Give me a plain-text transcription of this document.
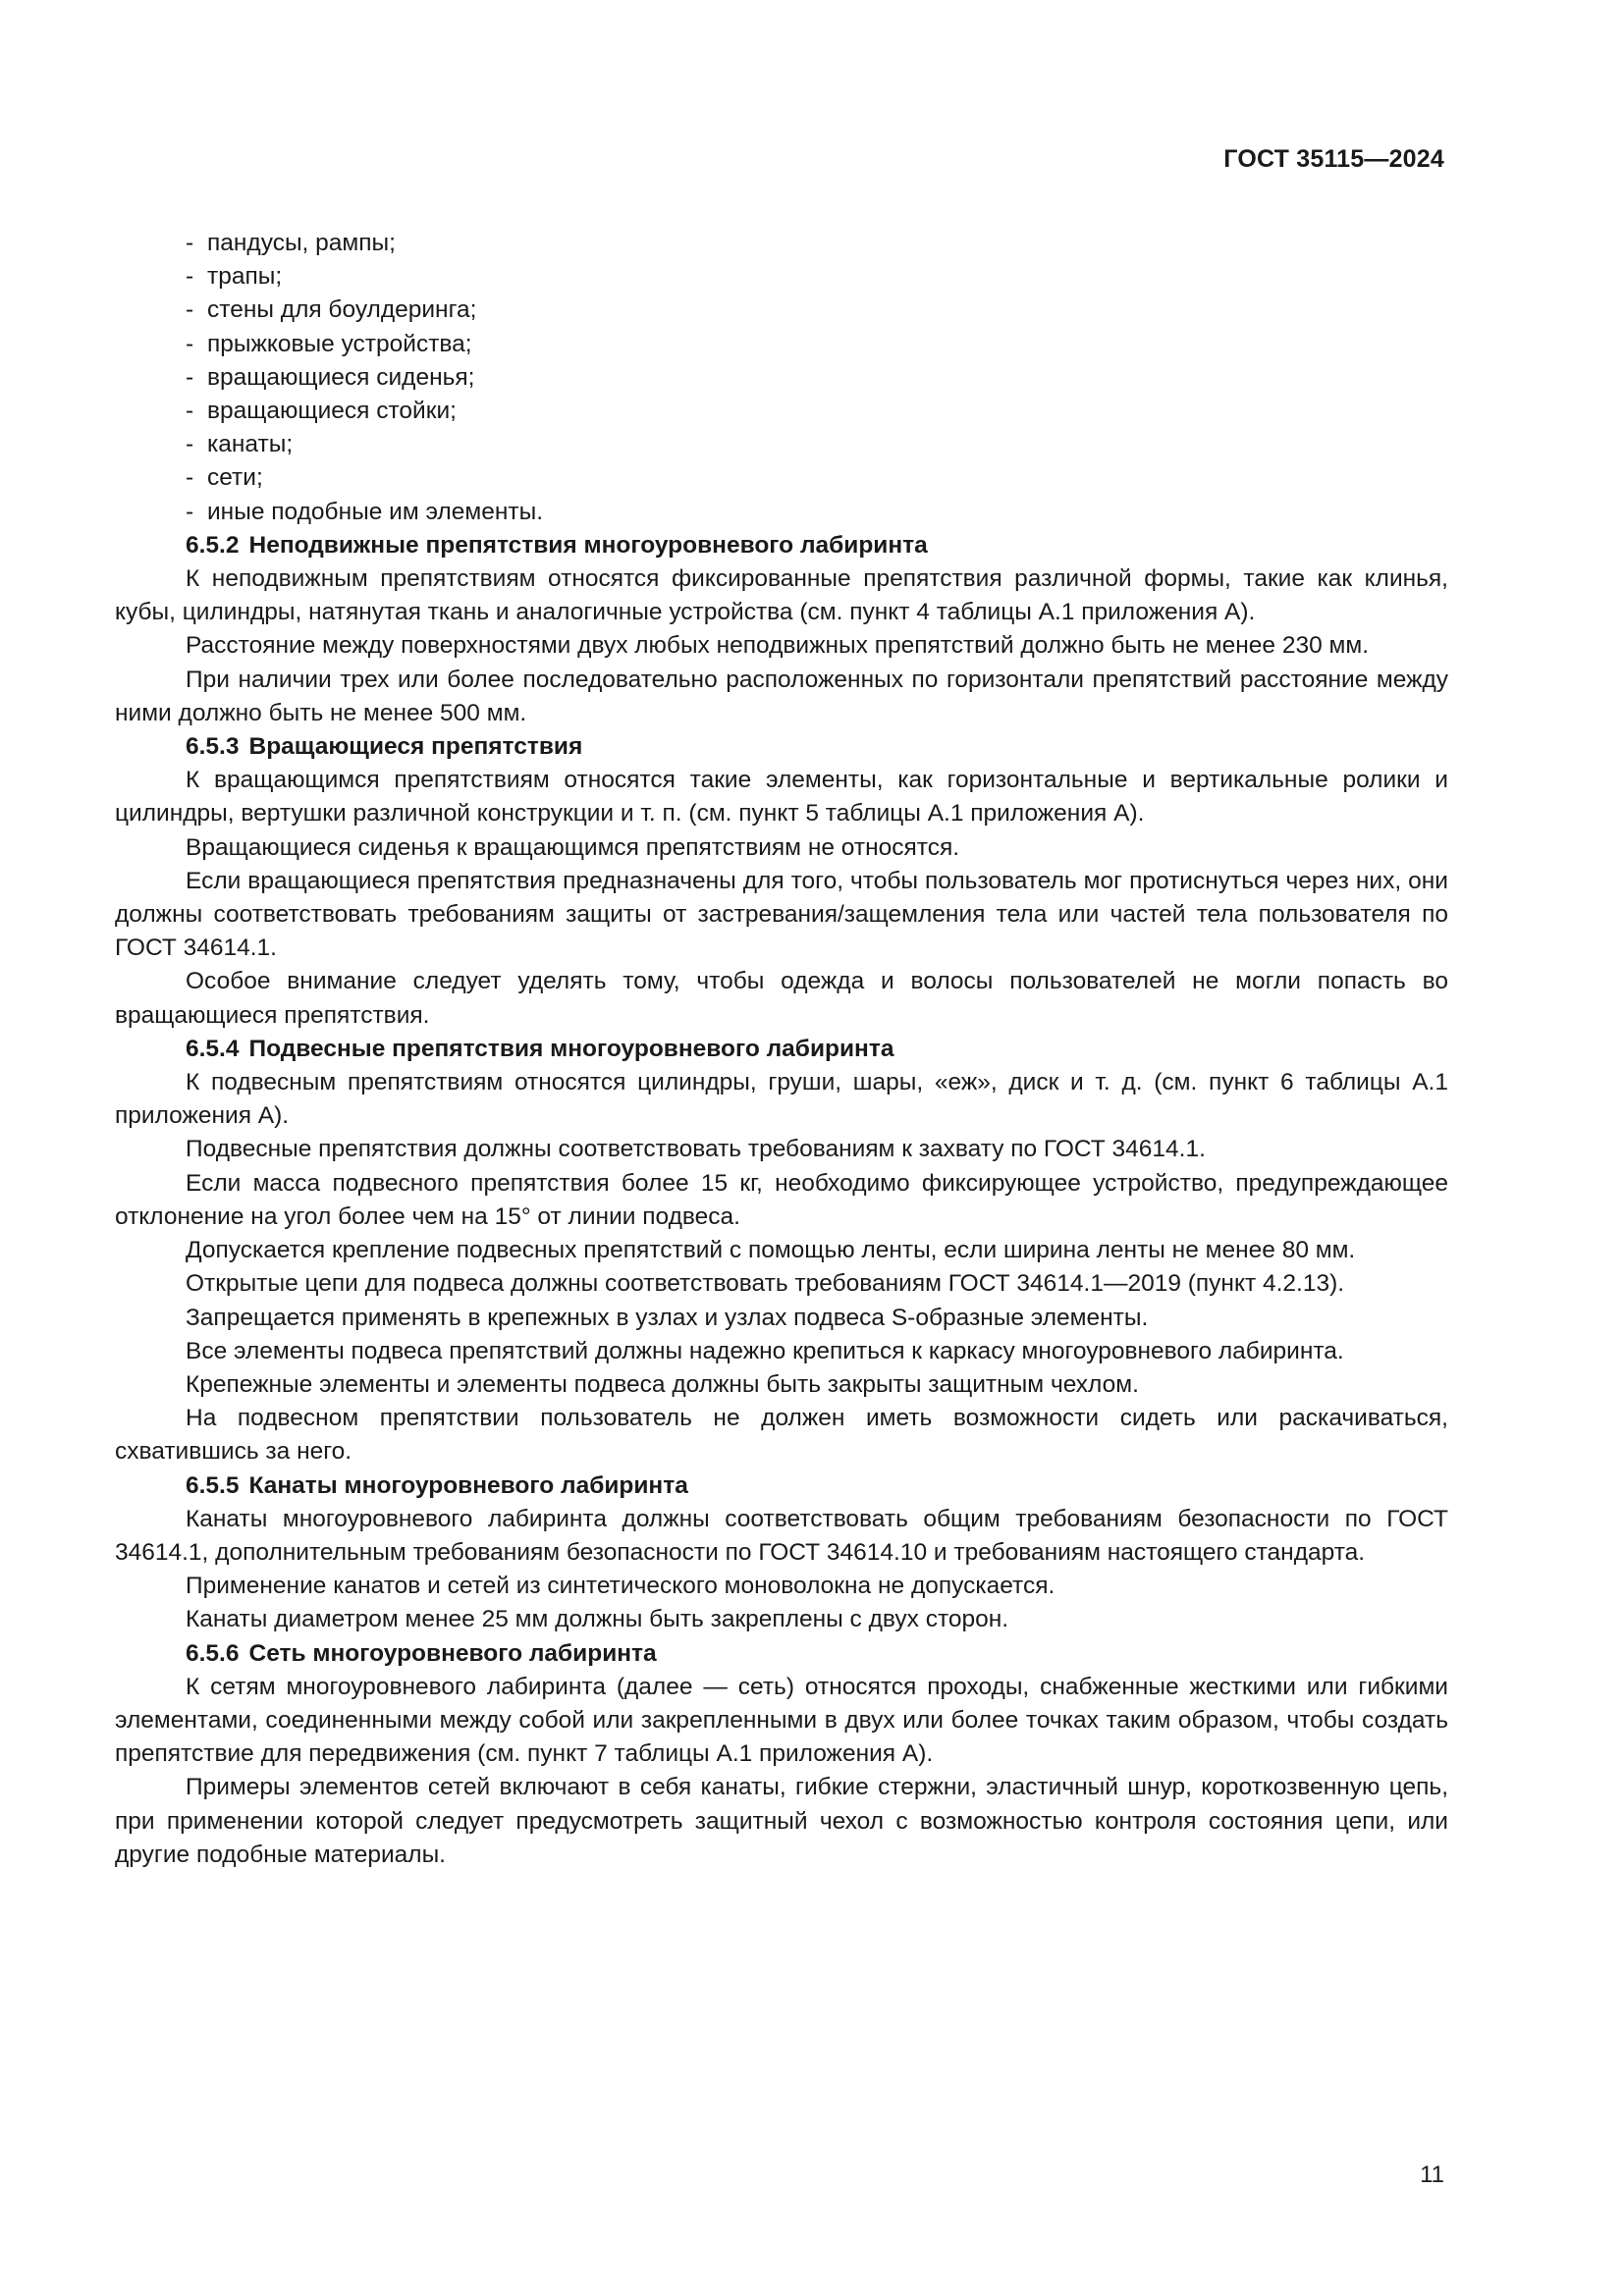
ГОСТ 35115—2024

- пандусы, рампы;

- трапы;

- стены для боулдеринга;

- прыжковые устройства;

- вращающиеся сиденья;

- вращающиеся стойки;

- канаты;

- сети;

- иные подобные им элементы.

6.5.2 Неподвижные препятствия многоуровневого лабиринта

К неподвижным препятствиям относятся фиксированные препятствия различной формы, такие как клинья, кубы, цилиндры, натянутая ткань и аналогичные устройства (см. пункт 4 таблицы А.1 приложения А).

Расстояние между поверхностями двух любых неподвижных препятствий должно быть не менее 230 мм.

При наличии трех или более последовательно расположенных по горизонтали препятствий расстояние между ними должно быть не менее 500 мм.

6.5.3 Вращающиеся препятствия

К вращающимся препятствиям относятся такие элементы, как горизонтальные и вертикальные ролики и цилиндры, вертушки различной конструкции и т. п. (см. пункт 5 таблицы А.1 приложения А).

Вращающиеся сиденья к вращающимся препятствиям не относятся.

Если вращающиеся препятствия предназначены для того, чтобы пользователь мог протиснуться через них, они должны соответствовать требованиям защиты от застревания/защемления тела или частей тела пользователя по ГОСТ 34614.1.

Особое внимание следует уделять тому, чтобы одежда и волосы пользователей не могли попасть во вращающиеся препятствия.

6.5.4 Подвесные препятствия многоуровневого лабиринта

К подвесным препятствиям относятся цилиндры, груши, шары, «еж», диск и т. д. (см. пункт 6 таблицы А.1 приложения А).

Подвесные препятствия должны соответствовать требованиям к захвату по ГОСТ 34614.1.

Если масса подвесного препятствия более 15 кг, необходимо фиксирующее устройство, предупреждающее отклонение на угол более чем на 15° от линии подвеса.

Допускается крепление подвесных препятствий с помощью ленты, если ширина ленты не менее 80 мм.

Открытые цепи для подвеса должны соответствовать требованиям ГОСТ 34614.1—2019 (пункт 4.2.13).

Запрещается применять в крепежных в узлах и узлах подвеса S-образные элементы.

Все элементы подвеса препятствий должны надежно крепиться к каркасу многоуровневого лабиринта.

Крепежные элементы и элементы подвеса должны быть закрыты защитным чехлом.

На подвесном препятствии пользователь не должен иметь возможности сидеть или раскачиваться, схватившись за него.

6.5.5 Канаты многоуровневого лабиринта

Канаты многоуровневого лабиринта должны соответствовать общим требованиям безопасности по ГОСТ 34614.1, дополнительным требованиям безопасности по ГОСТ 34614.10 и требованиям настоящего стандарта.

Применение канатов и сетей из синтетического моноволокна не допускается.

Канаты диаметром менее 25 мм должны быть закреплены с двух сторон.

6.5.6 Сеть многоуровневого лабиринта

К сетям многоуровневого лабиринта (далее — сеть) относятся проходы, снабженные жесткими или гибкими элементами, соединенными между собой или закрепленными в двух или более точках таким образом, чтобы создать препятствие для передвижения (см. пункт 7 таблицы А.1 приложения А).

Примеры элементов сетей включают в себя канаты, гибкие стержни, эластичный шнур, короткозвенную цепь, при применении которой следует предусмотреть защитный чехол с возможностью контроля состояния цепи, или другие подобные материалы.

11
